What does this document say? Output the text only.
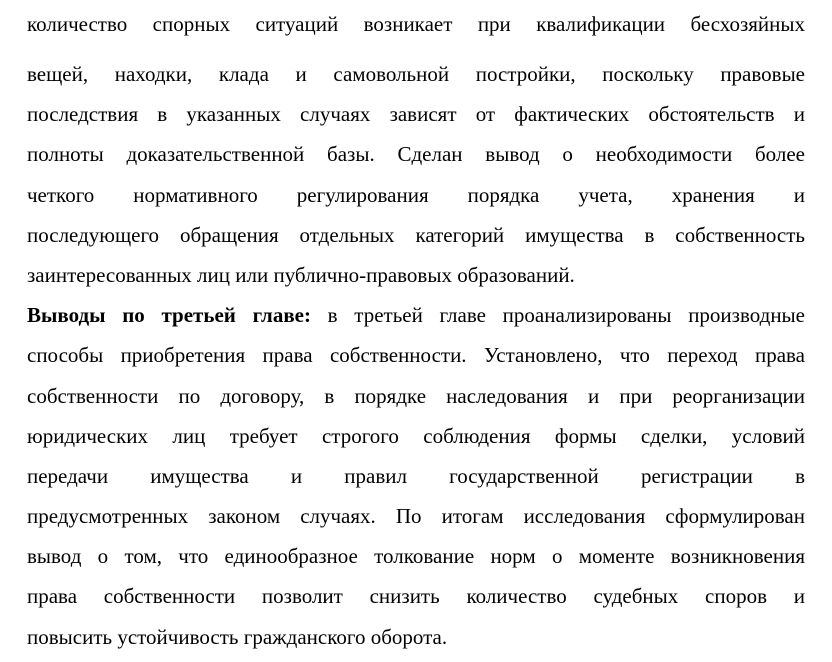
количество спорных ситуаций возникает при квалификации бесхозяйных
вещей, находки, клада и самовольной постройки, поскольку правовые
последствия в указанных случаях зависят от фактических обстоятельств и
полноты доказательственной базы. Сделан вывод о необходимости более
четкого нормативного регулирования порядка учета, хранения и
последующего обращения отдельных категорий имущества в собственность
заинтересованных лиц или публично-правовых образований.
Выводы по третьей главе: в третьей главе проанализированы производные
способы приобретения права собственности. Установлено, что переход права
собственности по договору, в порядке наследования и при реорганизации
юридических лиц требует строгого соблюдения формы сделки, условий
передачи имущества и правил государственной регистрации в
предусмотренных законом случаях. По итогам исследования сформулирован
вывод о том, что единообразное толкование норм о моменте возникновения
права собственности позволит снизить количество судебных споров и
повысить устойчивость гражданского оборота.
